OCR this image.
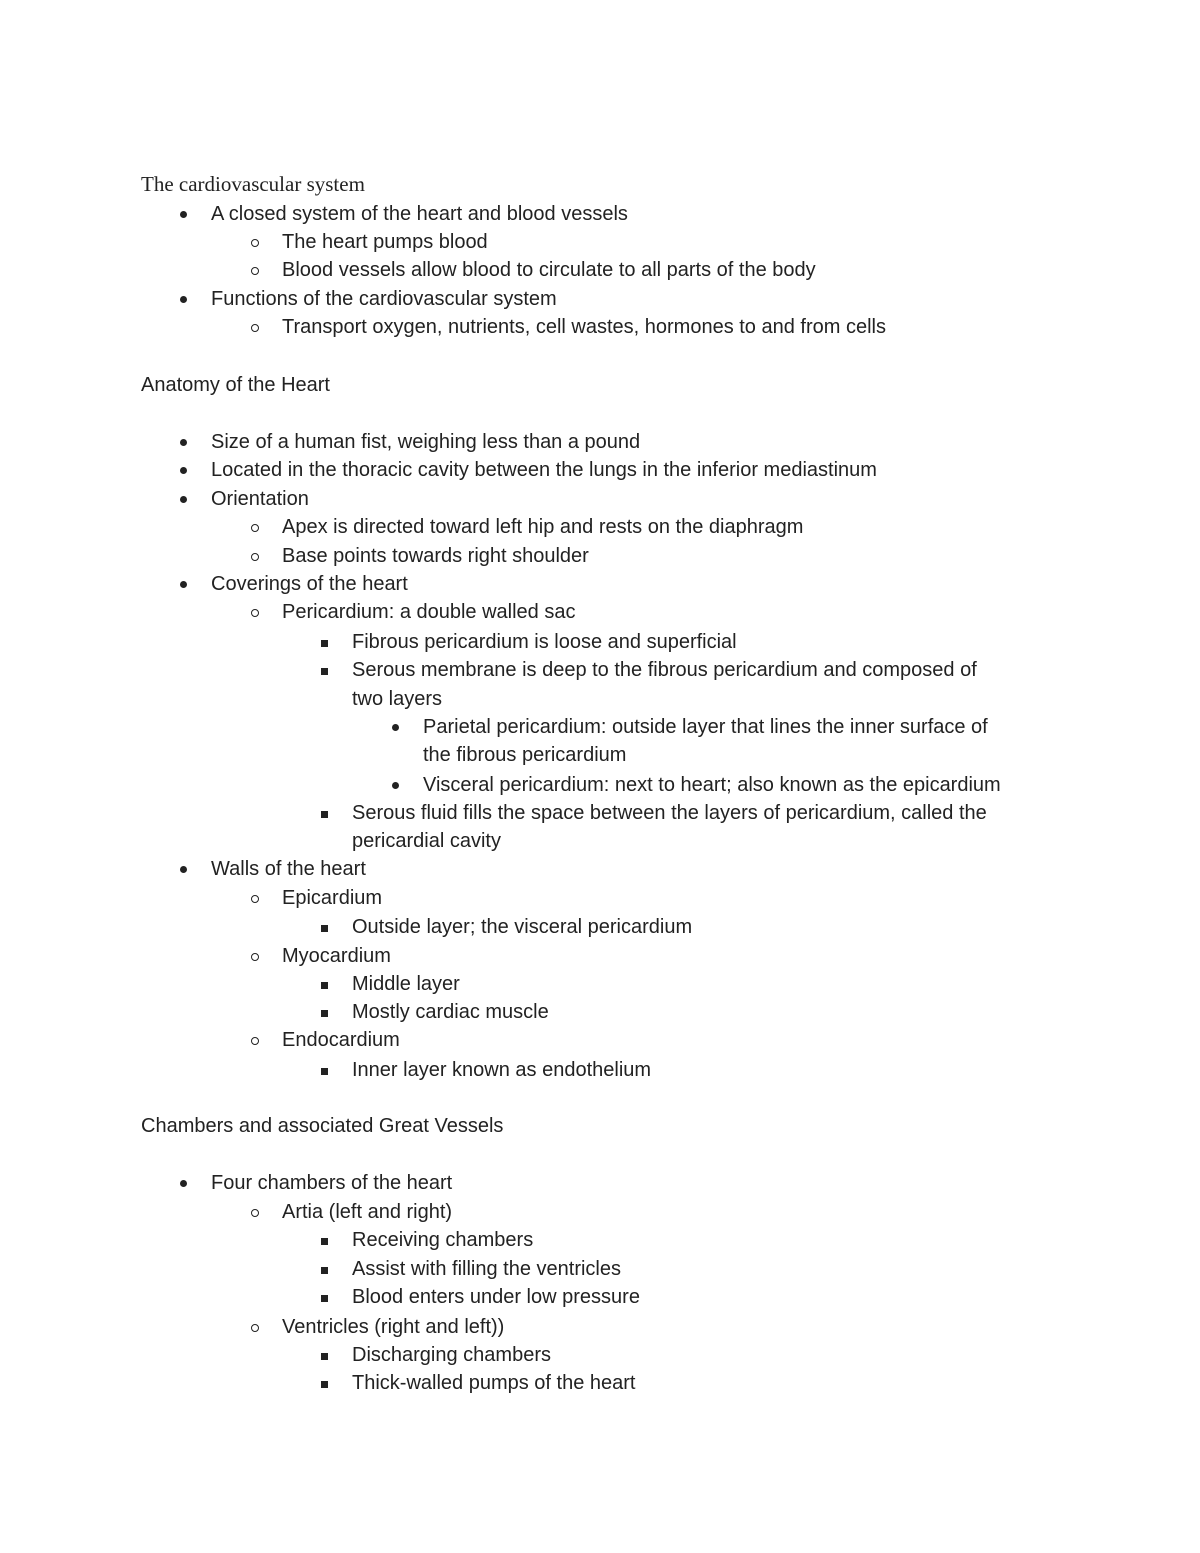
The cardiovascular system
A closed system of the heart and blood vessels
The heart pumps blood
Blood vessels allow blood to circulate to all parts of the body
Functions of the cardiovascular system
Transport oxygen, nutrients, cell wastes, hormones to and from cells
Anatomy of the Heart
Size of a human fist, weighing less than a pound
Located in the thoracic cavity between the lungs in the inferior mediastinum
Orientation
Apex is directed toward left hip and rests on the diaphragm
Base points towards right shoulder
Coverings of the heart
Pericardium: a double walled sac
Fibrous pericardium is loose and superficial
Serous membrane is deep to the fibrous pericardium and composed of
two layers
Parietal pericardium: outside layer that lines the inner surface of
the fibrous pericardium
Visceral pericardium: next to heart; also known as the epicardium
Serous fluid fills the space between the layers of pericardium, called the
pericardial cavity
Walls of the heart
Epicardium
Outside layer; the visceral pericardium
Myocardium
Middle layer
Mostly cardiac muscle
Endocardium
Inner layer known as endothelium
Chambers and associated Great Vessels
Four chambers of the heart
Artia (left and right)
Receiving chambers
Assist with filling the ventricles
Blood enters under low pressure
Ventricles (right and left))
Discharging chambers
Thick-walled pumps of the heart
